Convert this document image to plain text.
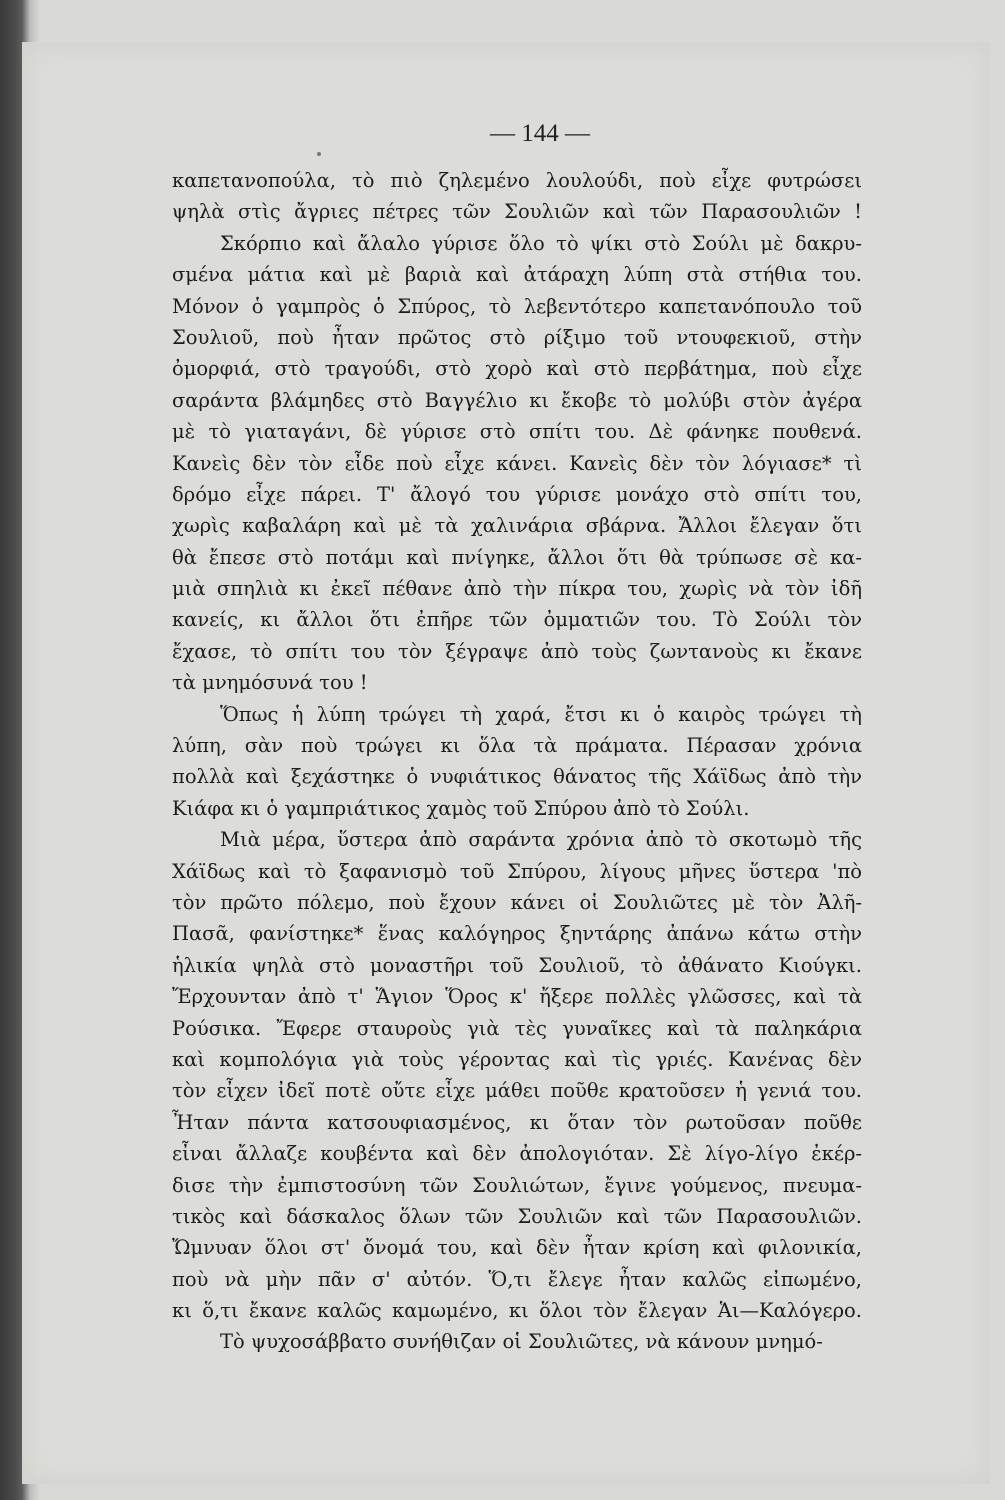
— 144 —
καπετανοπούλα, τὸ πιὸ ζηλεμένο λουλούδι, ποὺ εἶχε φυτρώσει
ψηλὰ στὶς ἄγριες πέτρες τῶν Σουλιῶν καὶ τῶν Παρασουλιῶν !
Σκόρπιο καὶ ἄλαλο γύρισε ὅλο τὸ ψίκι στὸ Σούλι μὲ δακρυ-
σμένα μάτια καὶ μὲ βαριὰ καὶ ἀτάραχη λύπη στὰ στήθια του.
Μόνον ὁ γαμπρὸς ὁ Σπύρος, τὸ λεβεντότερο καπετανόπουλο τοῦ
Σουλιοῦ, ποὺ ἦταν πρῶτος στὸ ρίξιμο τοῦ ντουφεκιοῦ, στὴν
ὀμορφιά, στὸ τραγούδι, στὸ χορὸ καὶ στὸ περβάτημα, ποὺ εἶχε
σαράντα βλάμηδες στὸ Βαγγέλιο κι ἔκοβε τὸ μολύβι στὸν ἀγέρα
μὲ τὸ γιαταγάνι, δὲ γύρισε στὸ σπίτι του. Δὲ φάνηκε πουθενά.
Κανεὶς δὲν τὸν εἶδε ποὺ εἶχε κάνει. Κανεὶς δὲν τὸν λόγιασε* τὶ
δρόμο εἶχε πάρει. Τ' ἄλογό του γύρισε μονάχο στὸ σπίτι του,
χωρὶς καβαλάρη καὶ μὲ τὰ χαλινάρια σβάρνα. Ἄλλοι ἔλεγαν ὅτι
θὰ ἔπεσε στὸ ποτάμι καὶ πνίγηκε, ἄλλοι ὅτι θὰ τρύπωσε σὲ κα-
μιὰ σπηλιὰ κι ἐκεῖ πέθανε ἀπὸ τὴν πίκρα του, χωρὶς νὰ τὸν ἰδῆ
κανείς, κι ἄλλοι ὅτι ἐπῆρε τῶν ὀμματιῶν του. Τὸ Σούλι τὸν
ἔχασε, τὸ σπίτι του τὸν ξέγραψε ἀπὸ τοὺς ζωντανοὺς κι ἔκανε
τὰ μνημόσυνά του !
Ὅπως ἡ λύπη τρώγει τὴ χαρά, ἔτσι κι ὁ καιρὸς τρώγει τὴ
λύπη, σὰν ποὺ τρώγει κι ὅλα τὰ πράματα. Πέρασαν χρόνια
πολλὰ καὶ ξεχάστηκε ὁ νυφιάτικος θάνατος τῆς Χάϊδως ἀπὸ τὴν
Κιάφα κι ὁ γαμπριάτικος χαμὸς τοῦ Σπύρου ἀπὸ τὸ Σούλι.
Μιὰ μέρα, ὕστερα ἀπὸ σαράντα χρόνια ἀπὸ τὸ σκοτωμὸ τῆς
Χάϊδως καὶ τὸ ξαφανισμὸ τοῦ Σπύρου, λίγους μῆνες ὕστερα 'πὸ
τὸν πρῶτο πόλεμο, ποὺ ἔχουν κάνει οἱ Σουλιῶτες μὲ τὸν Ἀλῆ-
Πασᾶ, φανίστηκε* ἕνας καλόγηρος ξηντάρης ἀπάνω κάτω στὴν
ἡλικία ψηλὰ στὸ μοναστῆρι τοῦ Σουλιοῦ, τὸ ἀθάνατο Κιούγκι.
Ἔρχουνταν ἀπὸ τ' Ἅγιον Ὅρος κ' ἤξερε πολλὲς γλῶσσες, καὶ τὰ
Ρούσικα. Ἔφερε σταυροὺς γιὰ τὲς γυναῖκες καὶ τὰ παληκάρια
καὶ κομπολόγια γιὰ τοὺς γέροντας καὶ τὶς γριές. Κανένας δὲν
τὸν εἶχεν ἰδεῖ ποτὲ οὔτε εἶχε μάθει ποῦθε κρατοῦσεν ἡ γενιά του.
Ἦταν πάντα κατσουφιασμένος, κι ὅταν τὸν ρωτοῦσαν ποῦθε
εἶναι ἄλλαζε κουβέντα καὶ δὲν ἀπολογιόταν. Σὲ λίγο-λίγο ἐκέρ-
δισε τὴν ἐμπιστοσύνη τῶν Σουλιώτων, ἔγινε γούμενος, πνευμα-
τικὸς καὶ δάσκαλος ὅλων τῶν Σουλιῶν καὶ τῶν Παρασουλιῶν.
Ὤμνυαν ὅλοι στ' ὄνομά του, καὶ δὲν ἦταν κρίση καὶ φιλονικία,
ποὺ νὰ μὴν πᾶν σ' αὐτόν. Ὅ,τι ἔλεγε ἦταν καλῶς εἰπωμένο,
κι ὅ,τι ἔκανε καλῶς καμωμένο, κι ὅλοι τὸν ἔλεγαν Ἁι—Καλόγερο.
Τὸ ψυχοσάββατο συνήθιζαν οἱ Σουλιῶτες, νὰ κάνουν μνημό-
